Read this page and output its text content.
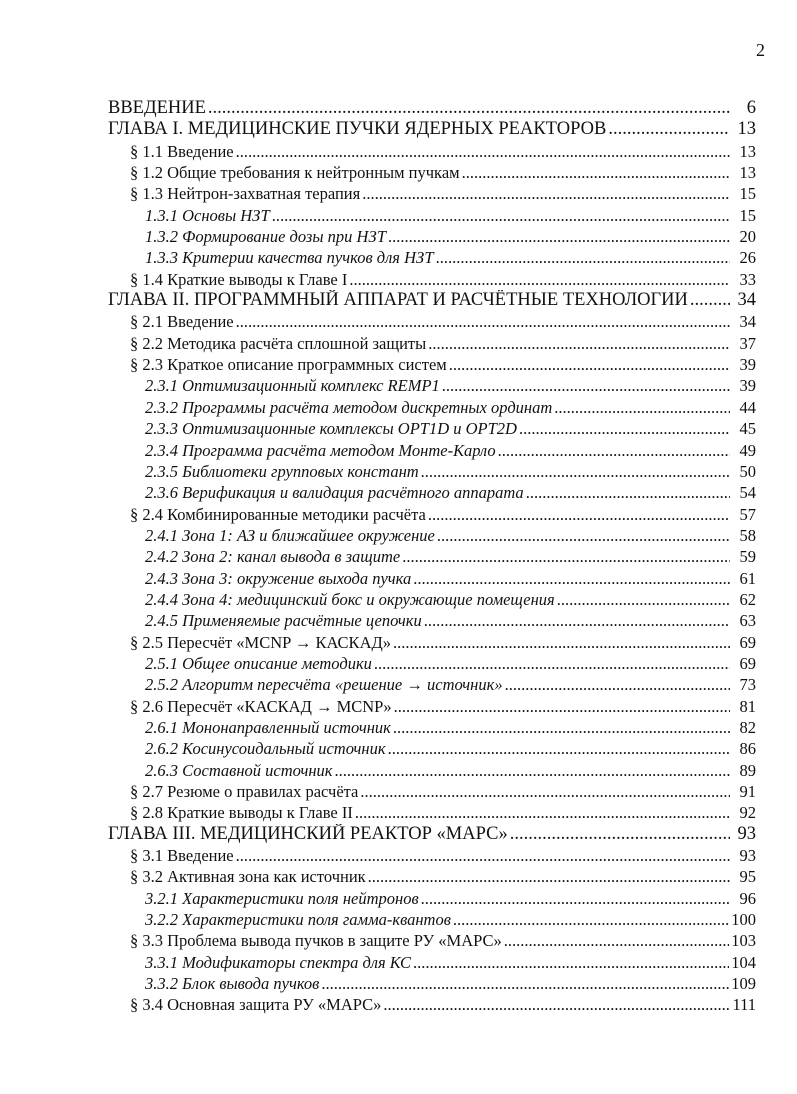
2
ВВЕДЕНИЕ .....	6
ГЛАВА I. МЕДИЦИНСКИЕ ПУЧКИ ЯДЕРНЫХ РЕАКТОРОВ .....	13
§ 1.1 Введение .....	13
§ 1.2 Общие требования к нейтронным пучкам .....	13
§ 1.3 Нейтрон-захватная терапия .....	15
1.3.1 Основы НЗТ .....	15
1.3.2 Формирование дозы при НЗТ .....	20
1.3.3 Критерии качества пучков для НЗТ .....	26
§ 1.4 Краткие выводы к Главе I .....	33
ГЛАВА II. ПРОГРАММНЫЙ АППАРАТ И РАСЧЁТНЫЕ ТЕХНОЛОГИИ .....	34
§ 2.1 Введение .....	34
§ 2.2 Методика расчёта сплошной защиты .....	37
§ 2.3 Краткое описание программных систем .....	39
2.3.1 Оптимизационный комплекс REMP1 .....	39
2.3.2 Программы расчёта методом дискретных ординат .....	44
2.3.3 Оптимизационные комплексы OPT1D и OPT2D .....	45
2.3.4 Программа расчёта методом Монте-Карло .....	49
2.3.5 Библиотеки групповых констант .....	50
2.3.6 Верификация и валидация расчётного аппарата .....	54
§ 2.4 Комбинированные методики расчёта .....	57
2.4.1 Зона 1: АЗ и ближайшее окружение .....	58
2.4.2 Зона 2: канал вывода в защите .....	59
2.4.3 Зона 3: окружение выхода пучка .....	61
2.4.4 Зона 4: медицинский бокс и окружающие помещения .....	62
2.4.5 Применяемые расчётные цепочки .....	63
§ 2.5 Пересчёт «MCNP → КАСКАД» .....	69
2.5.1 Общее описание методики .....	69
2.5.2 Алгоритм пересчёта «решение → источник» .....	73
§ 2.6 Пересчёт «КАСКАД → MCNP» .....	81
2.6.1 Мононаправленный источник .....	82
2.6.2 Косинусоидальный источник .....	86
2.6.3 Составной источник .....	89
§ 2.7 Резюме о правилах расчёта .....	91
§ 2.8 Краткие выводы к Главе II .....	92
ГЛАВА III. МЕДИЦИНСКИЙ РЕАКТОР «МАРС» .....	93
§ 3.1 Введение .....	93
§ 3.2 Активная зона как источник .....	95
3.2.1 Характеристики поля нейтронов .....	96
3.2.2 Характеристики поля гамма-квантов .....	100
§ 3.3 Проблема вывода пучков в защите РУ «МАРС» .....	103
3.3.1 Модификаторы спектра для КС .....	104
3.3.2 Блок вывода пучков .....	109
§ 3.4 Основная защита РУ «МАРС» .....	111
